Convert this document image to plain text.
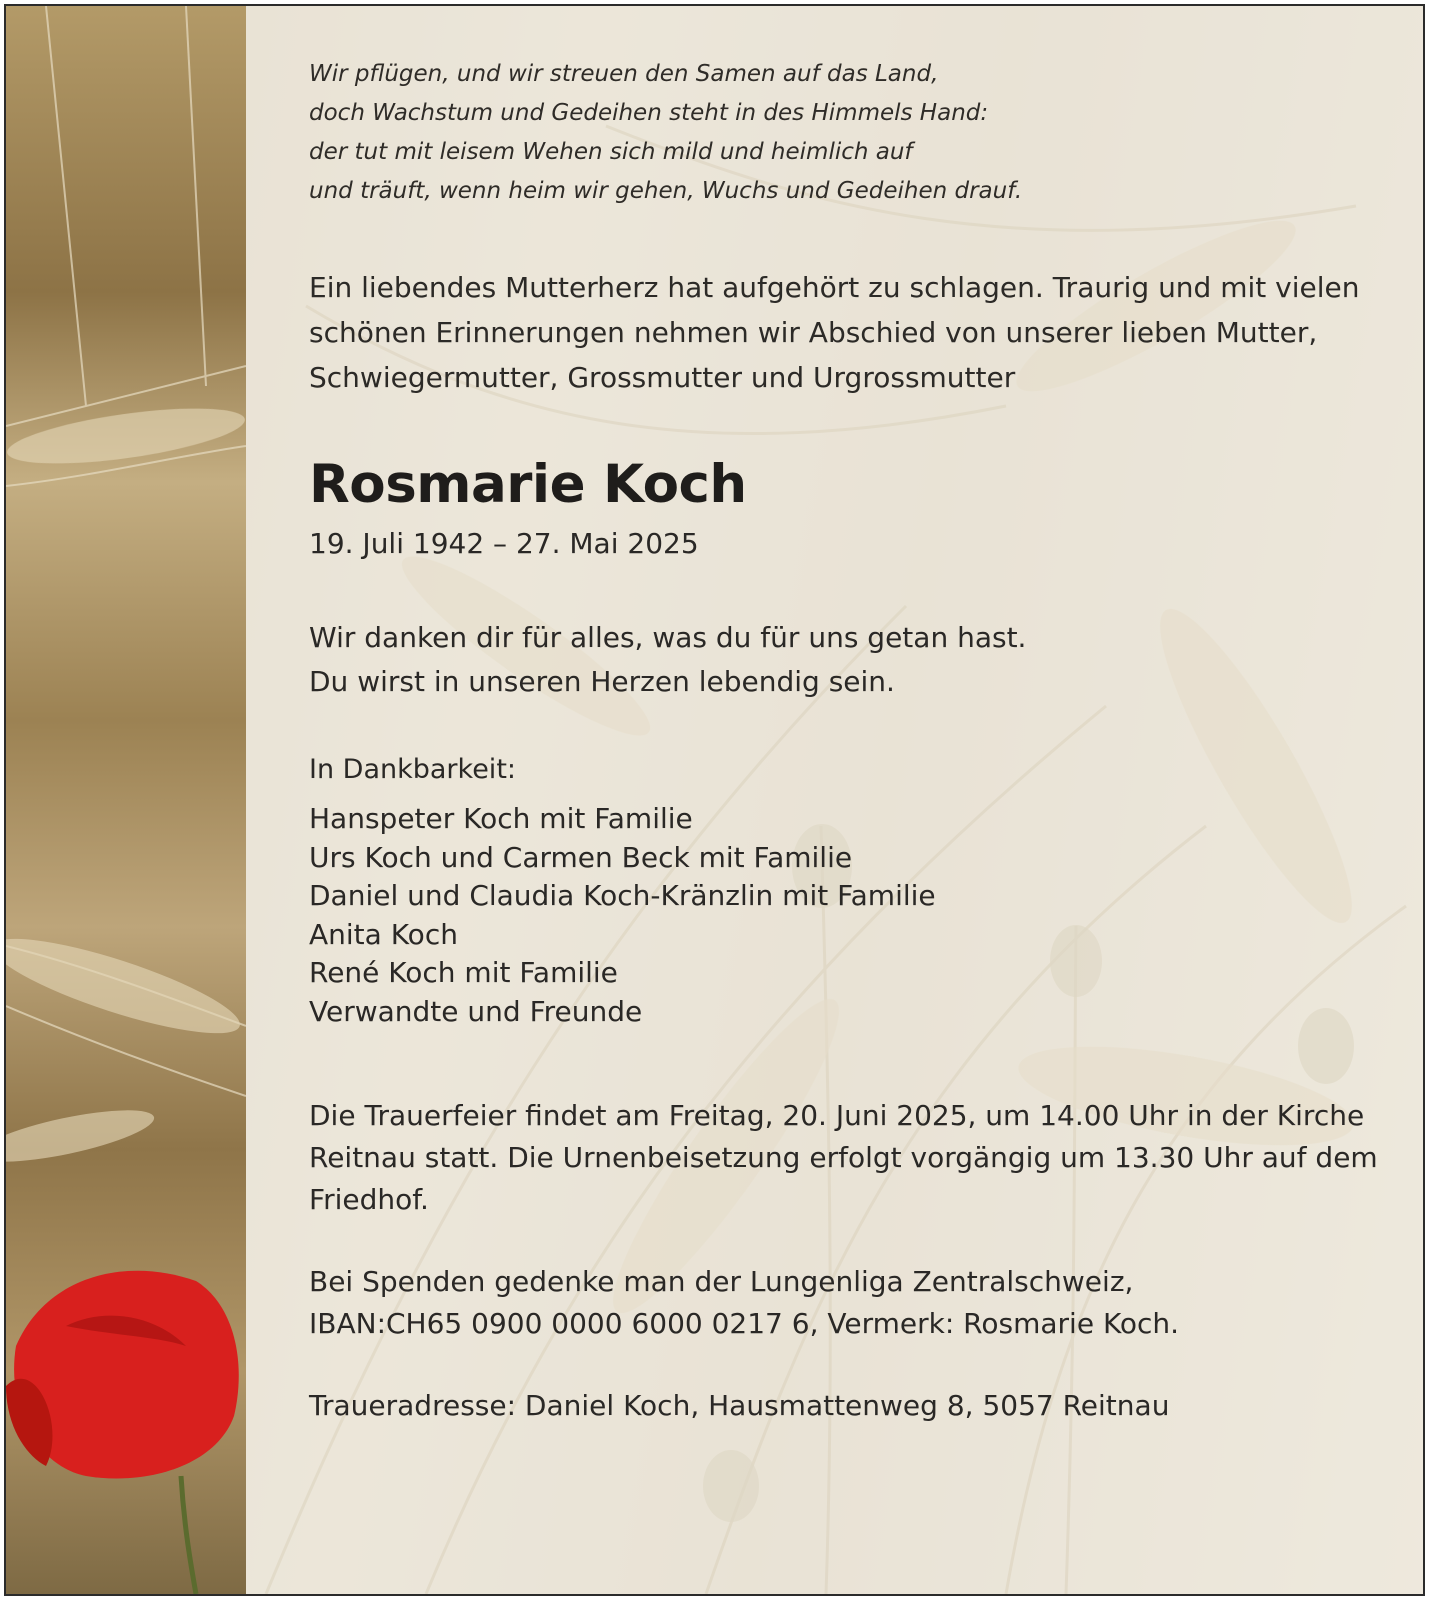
Wir pflügen, und wir streuen den Samen auf das Land,
doch Wachstum und Gedeihen steht in des Himmels Hand:
der tut mit leisem Wehen sich mild und heimlich auf
und träuft, wenn heim wir gehen, Wuchs und Gedeihen drauf.
Ein liebendes Mutterherz hat aufgehört zu schlagen. Traurig und mit vielen schönen Erinnerungen nehmen wir Abschied von unserer lieben Mutter, Schwiegermutter, Grossmutter und Urgrossmutter
Rosmarie Koch
19. Juli 1942 – 27. Mai 2025
Wir danken dir für alles, was du für uns getan hast.
Du wirst in unseren Herzen lebendig sein.
In Dankbarkeit:
Hanspeter Koch mit Familie
Urs Koch und Carmen Beck mit Familie
Daniel und Claudia Koch-Kränzlin mit Familie
Anita Koch
René Koch mit Familie
Verwandte und Freunde
Die Trauerfeier findet am Freitag, 20. Juni 2025, um 14.00 Uhr in der Kirche Reitnau statt. Die Urnenbeisetzung erfolgt vorgängig um 13.30 Uhr auf dem Friedhof.
Bei Spenden gedenke man der Lungenliga Zentralschweiz,
IBAN:CH65 0900 0000 6000 0217 6, Vermerk: Rosmarie Koch.
Traueradresse: Daniel Koch, Hausmattenweg 8, 5057 Reitnau
